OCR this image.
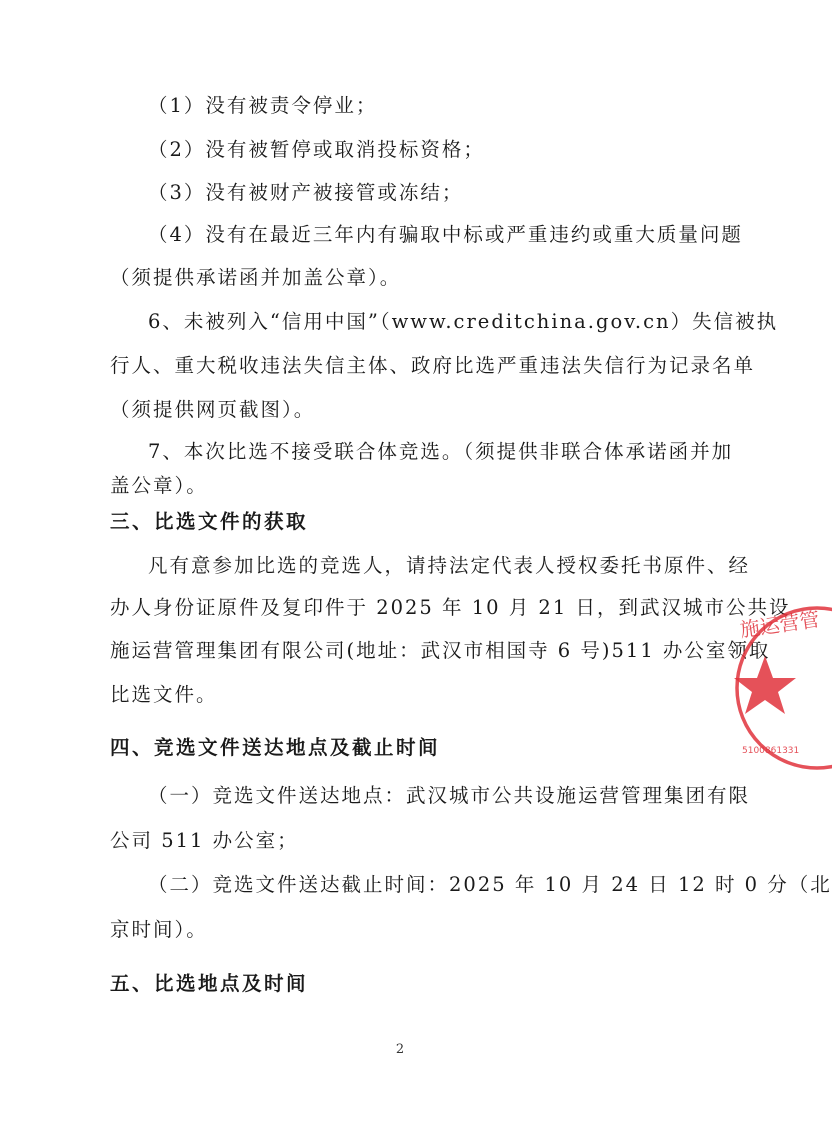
（1）没有被责令停业；
（2）没有被暂停或取消投标资格；
（3）没有被财产被接管或冻结；
（4）没有在最近三年内有骗取中标或严重违约或重大质量问题
（须提供承诺函并加盖公章）。
6、未被列入“信用中国”（www.creditchina.gov.cn）失信被执
行人、重大税收违法失信主体、政府比选严重违法失信行为记录名单
（须提供网页截图）。
7、本次比选不接受联合体竞选。（须提供非联合体承诺函并加
盖公章）。
三、比选文件的获取
凡有意参加比选的竞选人，请持法定代表人授权委托书原件、经
办人身份证原件及复印件于 2025 年 10 月 21 日，到武汉城市公共设
施运营管理集团有限公司(地址：武汉市相国寺 6 号)511 办公室领取
比选文件。
四、竞选文件送达地点及截止时间
（一）竞选文件送达地点：武汉城市公共设施运营管理集团有限
公司 511 办公室；
（二）竞选文件送达截止时间：2025 年 10 月 24 日 12 时 0 分（北
京时间）。
五、比选地点及时间
2
施运营管
5100861331
